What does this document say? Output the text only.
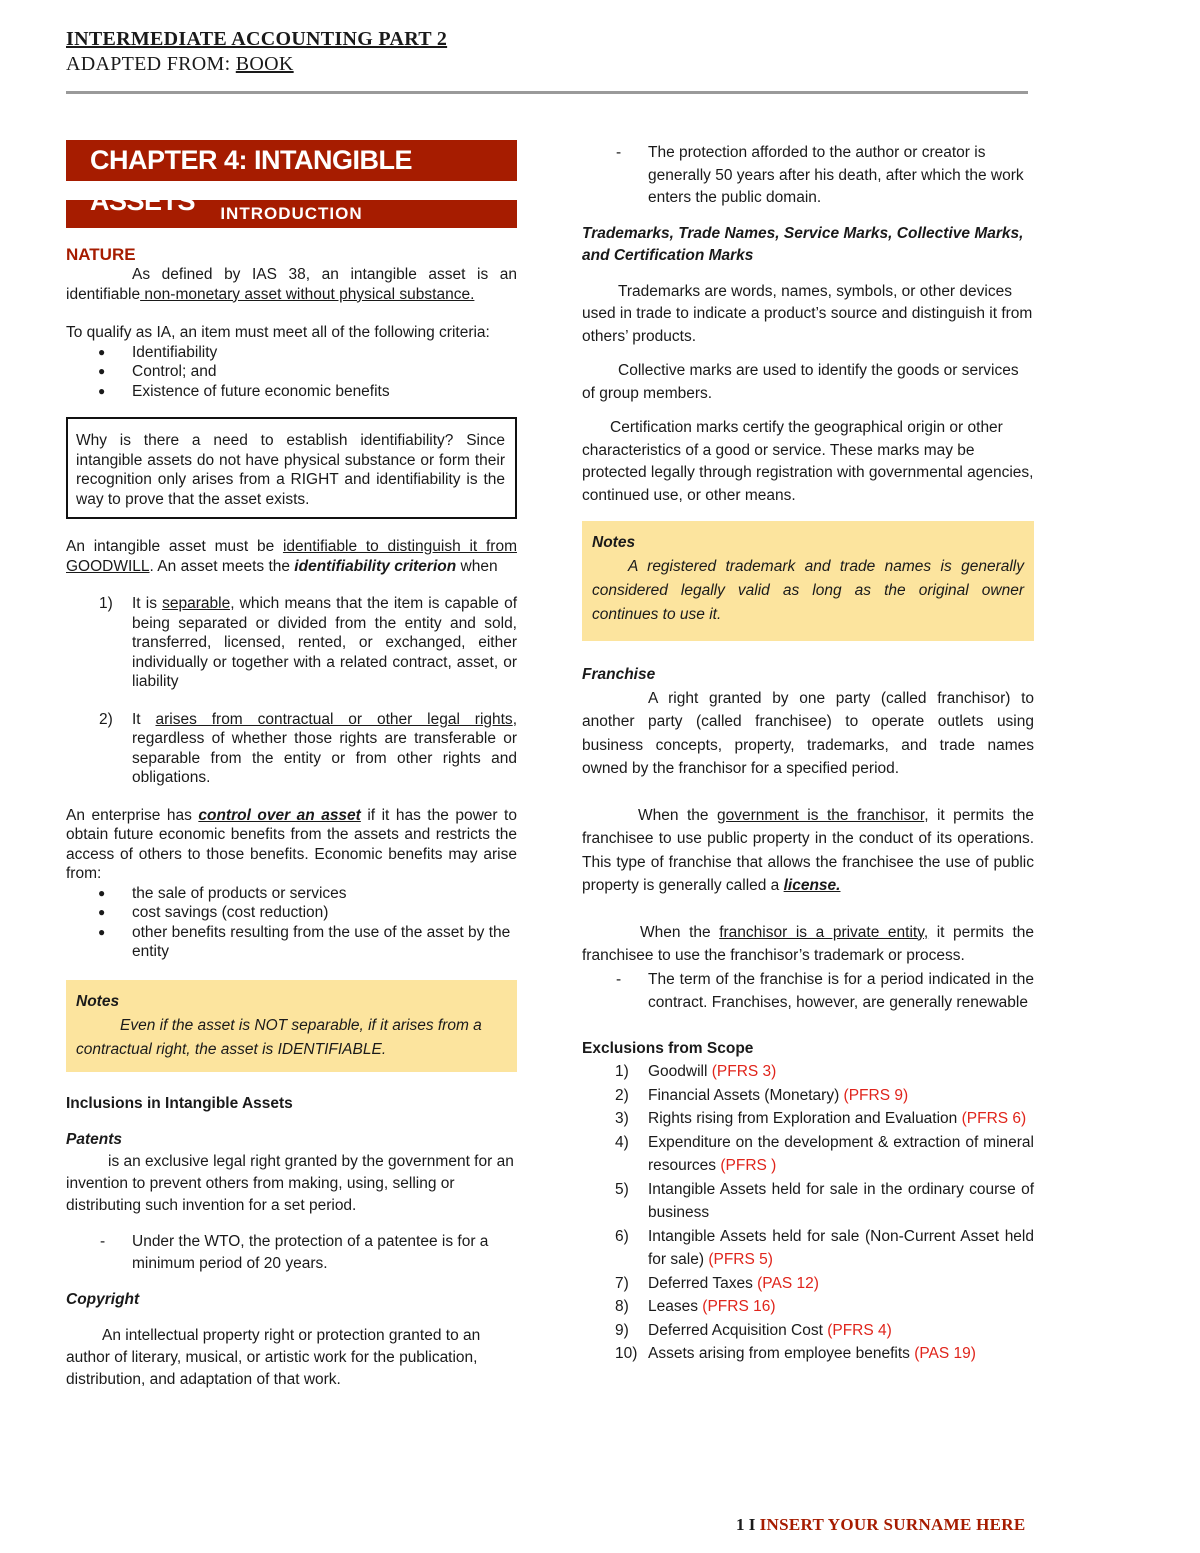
INTERMEDIATE ACCOUNTING PART 2
ADAPTED FROM: BOOK
CHAPTER 4: INTANGIBLE ASSETS	INTRODUCTION
NATURE

As defined by IAS 38, an intangible asset is an identifiable non-monetary asset without physical substance.

To qualify as IA, an item must meet all of the following criteria:

● Identifiability
● Control; and
● Existence of future economic benefits

Why is there a need to establish identifiability? Since intangible assets do not have physical substance or form their recognition only arises from a RIGHT and identifiability is the way to prove that the asset exists.

An intangible asset must be identifiable to distinguish it from GOODWILL. An asset meets the identifiability criterion when

1) It is separable, which means that the item is capable of being separated or divided from the entity and sold, transferred, licensed, rented, or exchanged, either individually or together with a related contract, asset, or liability
2) It arises from contractual or other legal rights, regardless of whether those rights are transferable or separable from the entity or from other rights and obligations.

An enterprise has control over an asset if it has the power to obtain future economic benefits from the assets and restricts the access of others to those benefits. Economic benefits may arise from:

● the sale of products or services
● cost savings (cost reduction)
● other benefits resulting from the use of the asset by the entity
Notes
Even if the asset is NOT separable, if it arises from a contractual right, the asset is IDENTIFIABLE.

Inclusions in Intangible Assets

Patents

is an exclusive legal right granted by the government for an invention to prevent others from making, using, selling or distributing such invention for a set period.

- Under the WTO, the protection of a patentee is for a minimum period of 20 years.

Copyright

An intellectual property right or protection granted to an author of literary, musical, or artistic work for the publication, distribution, and adaptation of that work.

- The protection afforded to the author or creator is generally 50 years after his death, after which the work enters the public domain.

Trademarks, Trade Names, Service Marks, Collective Marks, and Certification Marks

Trademarks are words, names, symbols, or other devices used in trade to indicate a product’s source and distinguish it from others’ products.

Collective marks are used to identify the goods or services of group members.

Certification marks certify the geographical origin or other characteristics of a good or service. These marks may be protected legally through registration with governmental agencies, continued use, or other means.

Notes
A registered trademark and trade names is generally considered legally valid as long as the original owner continues to use it.

Franchise

A right granted by one party (called franchisor) to another party (called franchisee) to operate outlets using business concepts, property, trademarks, and trade names owned by the franchisor for a specified period.

When the government is the franchisor, it permits the franchisee to use public property in the conduct of its operations. This type of franchise that allows the franchisee the use of public property is generally called a license.

When the franchisor is a private entity, it permits the franchisee to use the franchisor’s trademark or process.

- The term of the franchise is for a period indicated in the contract. Franchises, however, are generally renewable

Exclusions from Scope

1) Goodwill (PFRS 3)
2) Financial Assets (Monetary) (PFRS 9)
3) Rights rising from Exploration and Evaluation (PFRS 6)
4) Expenditure on the development & extraction of mineral resources (PFRS )
5) Intangible Assets held for sale in the ordinary course of business
6) Intangible Assets held for sale (Non-Current Asset held for sale) (PFRS 5)
7) Deferred Taxes (PAS 12)
8) Leases (PFRS 16)
9) Deferred Acquisition Cost (PFRS 4)
10) Assets arising from employee benefits (PAS 19)
1 I INSERT YOUR SURNAME HERE
